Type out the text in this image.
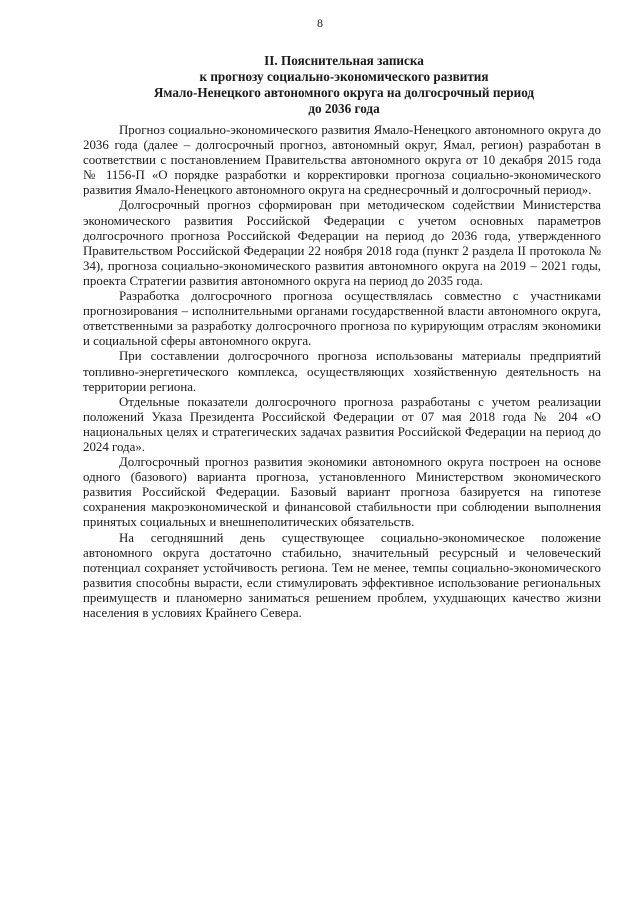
8
II. Пояснительная записка
к прогнозу социально-экономического развития
Ямало-Ненецкого автономного округа на долгосрочный период
до 2036 года

Прогноз социально-экономического развития Ямало-Ненецкого автономного округа до 2036 года (далее – долгосрочный прогноз, автономный округ, Ямал, регион) разработан в соответствии с постановлением Правительства автономного округа от 10 декабря 2015 года № 1156-П «О порядке разработки и корректировки прогноза социально-экономического развития Ямало-Ненецкого автономного округа на среднесрочный и долгосрочный период».

Долгосрочный прогноз сформирован при методическом содействии Министерства экономического развития Российской Федерации с учетом основных параметров долгосрочного прогноза Российской Федерации на период до 2036 года, утвержденного Правительством Российской Федерации 22 ноября 2018 года (пункт 2 раздела II протокола № 34), прогноза социально-экономического развития автономного округа на 2019 – 2021 годы, проекта Стратегии развития автономного округа на период до 2035 года.

Разработка долгосрочного прогноза осуществлялась совместно с участниками прогнозирования – исполнительными органами государственной власти автономного округа, ответственными за разработку долгосрочного прогноза по курирующим отраслям экономики и социальной сферы автономного округа.

При составлении долгосрочного прогноза использованы материалы предприятий топливно-энергетического комплекса, осуществляющих хозяйственную деятельность на территории региона.

Отдельные показатели долгосрочного прогноза разработаны с учетом реализации положений Указа Президента Российской Федерации от 07 мая 2018 года № 204 «О национальных целях и стратегических задачах развития Российской Федерации на период до 2024 года».

Долгосрочный прогноз развития экономики автономного округа построен на основе одного (базового) варианта прогноза, установленного Министерством экономического развития Российской Федерации. Базовый вариант прогноза базируется на гипотезе сохранения макроэкономической и финансовой стабильности при соблюдении выполнения принятых социальных и внешнеполитических обязательств.

На сегодняшний день существующее социально-экономическое положение автономного округа достаточно стабильно, значительный ресурсный и человеческий потенциал сохраняет устойчивость региона. Тем не менее, темпы социально-экономического развития способны вырасти, если стимулировать эффективное использование региональных преимуществ и планомерно заниматься решением проблем, ухудшающих качество жизни населения в условиях Крайнего Севера.
